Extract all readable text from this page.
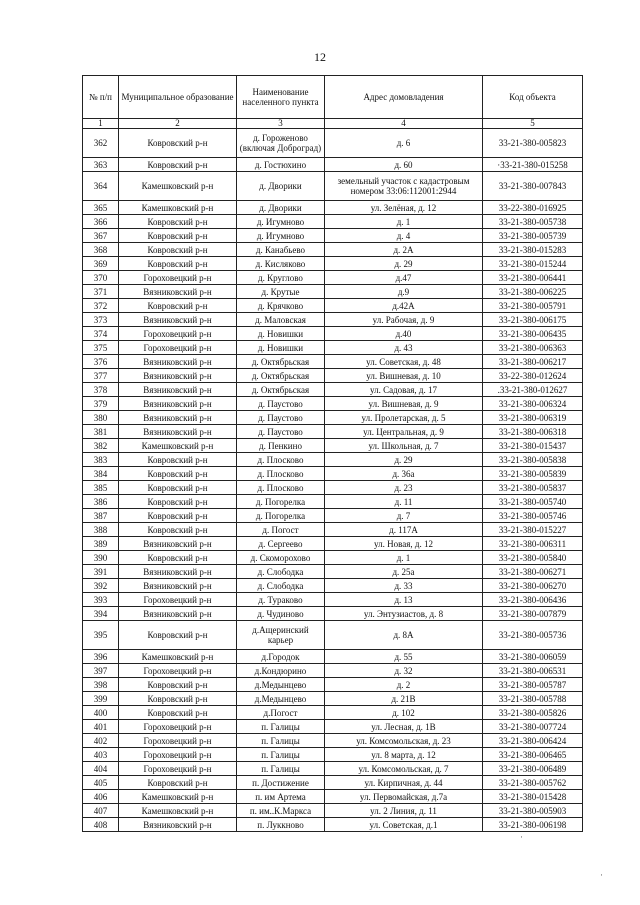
12
№ п/п	Муниципальное образование	Наименование населенного пункта	Адрес домовладения	Код объекта
1	2	3	4	5
362	Ковровский р-н	д. Гороженово (включая Доброград)	д. 6	33-21-380-005823
363	Ковровский р-н	д. Гостюхино	д. 60	·33-21-380-015258
364	Камешковский р-н	д. Дворики	земельный участок с кадастровым номером 33:06:112001:2944	33-21-380-007843
365	Камешковский р-н	д. Дворики	ул. Зелёная, д. 12	33-22-380-016925
366	Ковровский р-н	д. Игумново	д. 1	33-21-380-005738
367	Ковровский р-н	д. Игумново	д. 4	33-21-380-005739
368	Ковровский р-н	д. Канабьево	д. 2А	33-21-380-015283
369	Ковровский р-н	д. Кисляково	д. 29	33-21-380-015244
370	Гороховецкий р-н	д. Круглово	д.47	33-21-380-006441
371	Вязниковский р-н	д. Крутые	д.9	33-21-380-006225
372	Ковровский р-н	д. Крячково	д.42А	33-21-380-005791
373	Вязниковский р-н	д. Маловская	ул. Рабочая, д. 9	33-21-380-006175
374	Гороховецкий р-н	д. Новишки	д.40	33-21-380-006435
375	Гороховецкий р-н	д. Новишки	д. 43	33-21-380-006363
376	Вязниковский р-н	д. Октябрьская	ул. Советская, д. 48	33-21-380-006217
377	Вязниковский р-н	д. Октябрьская	ул. Вишневая, д. 10	33-22-380-012624
378	Вязниковский р-н	д. Октябрьская	ул. Садовая, д. 17	.33-21-380-012627
379	Вязниковский р-н	д. Паустово	ул. Вишневая, д. 9	33-21-380-006324
380	Вязниковский р-н	д. Паустово	ул. Пролетарская, д. 5	33-21-380-006319
381	Вязниковский р-н	д. Паустово	ул. Центральная, д. 9	33-21-380-006318
382	Камешковский р-н	д. Пенкино	ул. Школьная, д. 7	33-21-380-015437
383	Ковровский р-н	д. Плосково	д. 29	33-21-380-005838
384	Ковровский р-н	д. Плосково	д. 36а	33-21-380-005839
385	Ковровский р-н	д. Плосково	д. 23	33-21-380-005837
386	Ковровский р-н	д. Погорелка	д. 11	33-21-380-005740
387	Ковровский р-н	д. Погорелка	д. 7	33-21-380-005746
388	Ковровский р-н	д. Погост	д. 117А	33-21-380-015227
389	Вязниковский р-н	д. Сергеево	ул. Новая, д. 12	33-21-380-006311
390	Ковровский р-н	д. Скоморохово	д. 1	33-21-380-005840
391	Вязниковский р-н	д. Слободка	д. 25а	33-21-380-006271
392	Вязниковский р-н	д. Слободка	д. 33	33-21-380-006270
393	Гороховецкий р-н	д. Тураково	д. 13	33-21-380-006436
394	Вязниковский р-н	д. Чудиново	ул. Энтузиастов, д. 8	33-21-380-007879
395	Ковровский р-н	д.Ащеринский карьер	д. 8А	33-21-380-005736
396	Камешковский р-н	д.Городок	д. 55	33-21-380-006059
397	Гороховецкий р-н	д.Кондюрино	д. 32	33-21-380-006531
398	Ковровский р-н	д.Медынцево	д. 2	33-21-380-005787
399	Ковровский р-н	д.Медынцево	д. 21В	33-21-380-005788
400	Ковровский р-н	д.Погост	д. 102	33-21-380-005826
401	Гороховецкий р-н	п. Галицы	ул. Лесная, д. 1В	33-21-380-007724
402	Гороховецкий р-н	п. Галицы	ул. Комсомольская, д. 23	33-21-380-006424
403	Гороховецкий р-н	п. Галицы	ул. 8 марта, д. 12	33-21-380-006465
404	Гороховецкий р-н	п. Галицы	ул. Комсомольская, д. 7	33-21-380-006489
405	Ковровский р-н	п. Достижение	ул. Кирпичная, д. 44	33-21-380-005762
406	Камешковский р-н	п. им Артема	ул. Первомайская, д.7а	33-21-380-015428
407	Камешковский р-н	п. им..К.Маркса	ул. 2 Линия, д. 11	33-21-380-005903
408	Вязниковский р-н	п. Луккново	ул. Советская, д.1	33-21-380-006198
·
·
